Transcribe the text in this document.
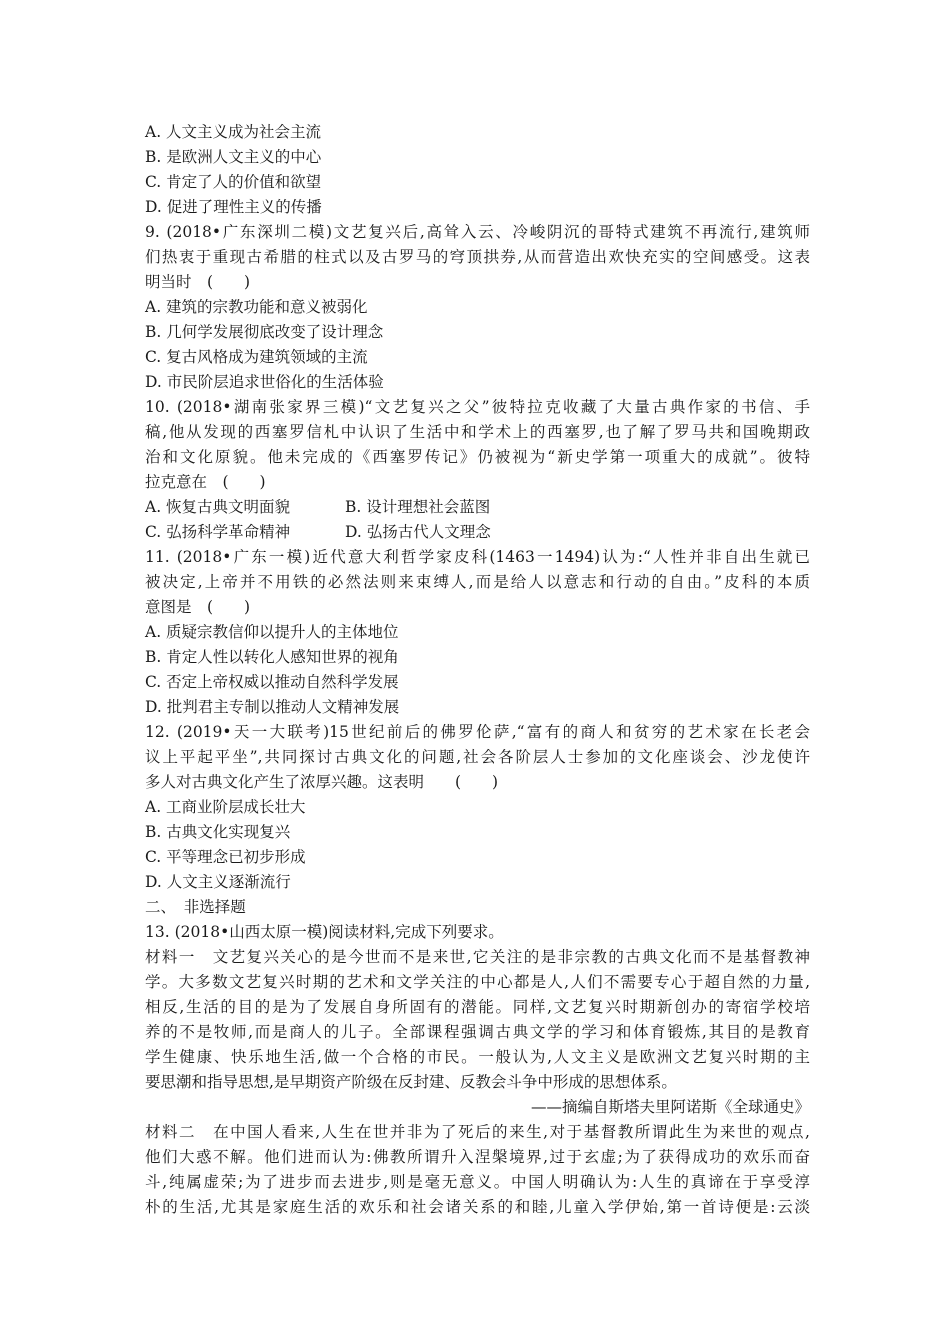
A. 人文主义成为社会主流
B. 是欧洲人文主义的中心
C. 肯定了人的价值和欲望
D. 促进了理性主义的传播
9. (2018•广东深圳二模)文艺复兴后,高耸入云、冷峻阴沉的哥特式建筑不再流行,建筑师
们热衷于重现古希腊的柱式以及古罗马的穹顶拱券,从而营造出欢快充实的空间感受。这表
明当时　(　　)
A. 建筑的宗教功能和意义被弱化
B. 几何学发展彻底改变了设计理念
C. 复古风格成为建筑领域的主流
D. 市民阶层追求世俗化的生活体验
10. (2018•湖南张家界三模)“文艺复兴之父”彼特拉克收藏了大量古典作家的书信、手
稿,他从发现的西塞罗信札中认识了生活中和学术上的西塞罗,也了解了罗马共和国晚期政
治和文化原貌。他未完成的《西塞罗传记》仍被视为“新史学第一项重大的成就”。彼特
拉克意在　(　　)
A. 恢复古典文明面貌	B. 设计理想社会蓝图
C. 弘扬科学革命精神	D. 弘扬古代人文理念
11. (2018•广东一模)近代意大利哲学家皮科(1463一1494)认为:“人性并非自出生就已
被决定,上帝并不用铁的必然法则来束缚人,而是给人以意志和行动的自由。”皮科的本质
意图是　(　　)
A. 质疑宗教信仰以提升人的主体地位
B. 肯定人性以转化人感知世界的视角
C. 否定上帝权威以推动自然科学发展
D. 批判君主专制以推动人文精神发展
12. (2019•天一大联考)15世纪前后的佛罗伦萨,“富有的商人和贫穷的艺术家在长老会
议上平起平坐”,共同探讨古典文化的问题,社会各阶层人士参加的文化座谈会、沙龙使许
多人对古典文化产生了浓厚兴趣。这表明　　(　　)
A. 工商业阶层成长壮大
B. 古典文化实现复兴
C. 平等理念已初步形成
D. 人文主义逐渐流行
二、　非选择题
13. (2018•山西太原一模)阅读材料,完成下列要求。
材料一　文艺复兴关心的是今世而不是来世,它关注的是非宗教的古典文化而不是基督教神
学。大多数文艺复兴时期的艺术和文学关注的中心都是人,人们不需要专心于超自然的力量,
相反,生活的目的是为了发展自身所固有的潜能。同样,文艺复兴时期新创办的寄宿学校培
养的不是牧师,而是商人的儿子。全部课程强调古典文学的学习和体育锻炼,其目的是教育
学生健康、快乐地生活,做一个合格的市民。一般认为,人文主义是欧洲文艺复兴时期的主
要思潮和指导思想,是早期资产阶级在反封建、反教会斗争中形成的思想体系。
——摘编自斯塔夫里阿诺斯《全球通史》
材料二　在中国人看来,人生在世并非为了死后的来生,对于基督教所谓此生为来世的观点,
他们大惑不解。他们进而认为:佛教所谓升入涅槃境界,过于玄虚;为了获得成功的欢乐而奋
斗,纯属虚荣;为了进步而去进步,则是毫无意义。中国人明确认为:人生的真谛在于享受淳
朴的生活,尤其是家庭生活的欢乐和社会诸关系的和睦,儿童入学伊始,第一首诗便是:云淡
